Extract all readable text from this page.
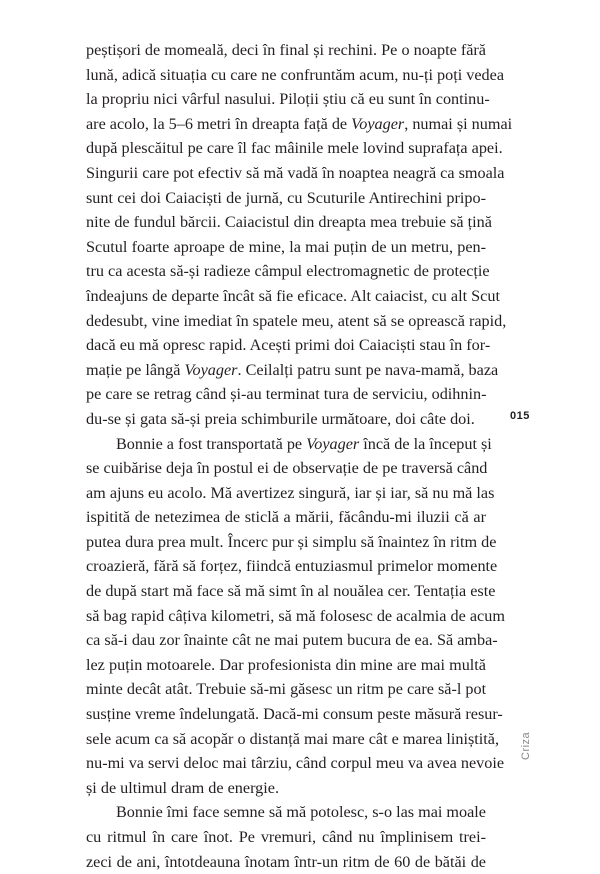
peștișori de momeală, deci în final și rechini. Pe o noapte fără
lună, adică situația cu care ne confruntăm acum, nu-ți poți vedea
la propriu nici vârful nasului. Piloții știu că eu sunt în continu-
are acolo, la 5–6 metri în dreapta față de Voyager, numai și numai
după plescăitul pe care îl fac mâinile mele lovind suprafața apei.
Singurii care pot efectiv să mă vadă în noaptea neagră ca smoala
sunt cei doi Caiaciști de jurnă, cu Scuturile Antirechini pripo-
nite de fundul bărcii. Caiacistul din dreapta mea trebuie să țină
Scutul foarte aproape de mine, la mai puțin de un metru, pen-
tru ca acesta să-și radieze câmpul electromagnetic de protecție
îndeajuns de departe încât să fie eficace. Alt caiacist, cu alt Scut
dedesubt, vine imediat în spatele meu, atent să se oprească rapid,
dacă eu mă opresc rapid. Acești primi doi Caiaciști stau în for-
mație pe lângă Voyager. Ceilalți patru sunt pe nava-mamă, baza
pe care se retrag când și-au terminat tura de serviciu, odihnin-
du-se și gata să-și preia schimburile următoare, doi câte doi.
Bonnie a fost transportată pe Voyager încă de la început și
se cuibărise deja în postul ei de observație de pe traversă când
am ajuns eu acolo. Mă avertizez singură, iar și iar, să nu mă las
ispitită de netezimea de sticlă a mării, făcându-mi iluzii că ar
putea dura prea mult. Încerc pur și simplu să înaintez în ritm de
croazieră, fără să forțez, fiindcă entuziasmul primelor momente
de după start mă face să mă simt în al nouălea cer. Tentația este
să bag rapid câțiva kilometri, să mă folosesc de acalmia de acum
ca să-i dau zor înainte cât ne mai putem bucura de ea. Să amba-
lez puțin motoarele. Dar profesionista din mine are mai multă
minte decât atât. Trebuie să-mi găsesc un ritm pe care să-l pot
susține vreme îndelungată. Dacă-mi consum peste măsură resur-
sele acum ca să acopăr o distanță mai mare cât e marea liniștită,
nu-mi va servi deloc mai târziu, când corpul meu va avea nevoie
și de ultimul dram de energie.
Bonnie îmi face semne să mă potolesc, s-o las mai moale
cu ritmul în care înot. Pe vremuri, când nu împlinisem trei-
zeci de ani, întotdeauna înotam într-un ritm de 60 de bătăi de
015
Criza
